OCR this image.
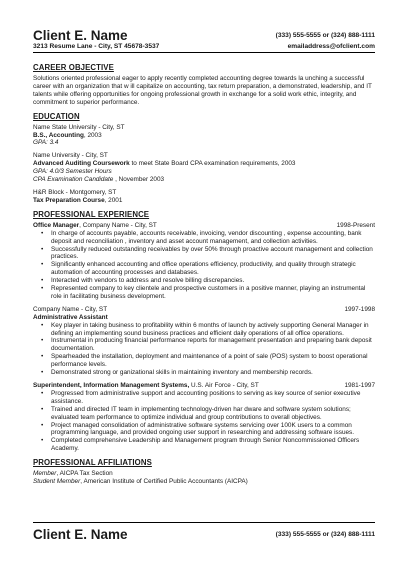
Client E. Name	(333) 555-5555 or (324) 888-1111
3213 Resume Lane - City, ST 45678-3537	emailaddress@ofclient.com
CAREER OBJECTIVE
Solutions oriented professional eager to apply recently completed accounting degree towards la unching a successful career with an organization that w ill capitalize on accounting, tax return preparation, a demonstrated, leadership, and IT talents while offering opportunities for ongoing professional growth in exchange for a solid work ethic, integrity, and commitment to superior performance.
EDUCATION
Name State University - City, ST
B.S., Accounting, 2003
GPA: 3.4
Name University - City, ST
Advanced Auditing Coursework to meet State Board CPA examination requirements, 2003
GPA: 4.0/3 Semester Hours
CPA Examination Candidate , November 2003
H&R Block - Montgomery, ST
Tax Preparation Course, 2001
PROFESSIONAL EXPERIENCE
Office Manager, Company Name - City, ST	1998-Present
• In charge of accounts payable, accounts receivable, invoicing, vendor discounting , expense accounting, bank deposit and reconciliation , inventory and asset account management, and collection activities.
• Successfully reduced outstanding receivables by over 50% through proactive account management and collection practices.
• Significantly enhanced accounting and office operations efficiency, productivity, and quality through strategic automation of accounting processes and databases.
• Interacted with vendors to address and resolve billing discrepancies.
• Represented company to key clientele and prospective customers in a positive manner, playing an instrumental role in facilitating business development.
Company Name - City, ST	1997-1998
Administrative Assistant
• Key player in taking business to profitability within 6 months of launch by actively supporting General Manager in defining an implementing sound business practices and efficient daily operations of all office operations.
• Instrumental in producing financial performance reports for management presentation and preparing bank deposit documentation.
• Spearheaded the installation, deployment and maintenance of a point of sale (POS) system to boost operational performance levels.
• Demonstrated strong or ganizational skills in maintaining inventory and membership records.
Superintendent, Information Management Systems, U.S. Air Force - City, ST	1981-1997
• Progressed from administrative support and accounting positions to serving as key source of senior executive assistance.
• Trained and directed IT team in implementing technology-driven har dware and software system solutions; evaluated team performance to optimize individual and group contributions to overall objectives.
• Project managed consolidation of administrative software systems servicing over 100K users to a common programming language, and provided ongoing user support in researching and addressing software issues.
• Completed comprehensive Leadership and Management program through Senior Noncommissioned Officers Academy.
PROFESSIONAL AFFILIATIONS
Member, AICPA Tax Section
Student Member, American Institute of Certified Public Accountants (AICPA)
Client E. Name	(333) 555-5555 or (324) 888-1111
